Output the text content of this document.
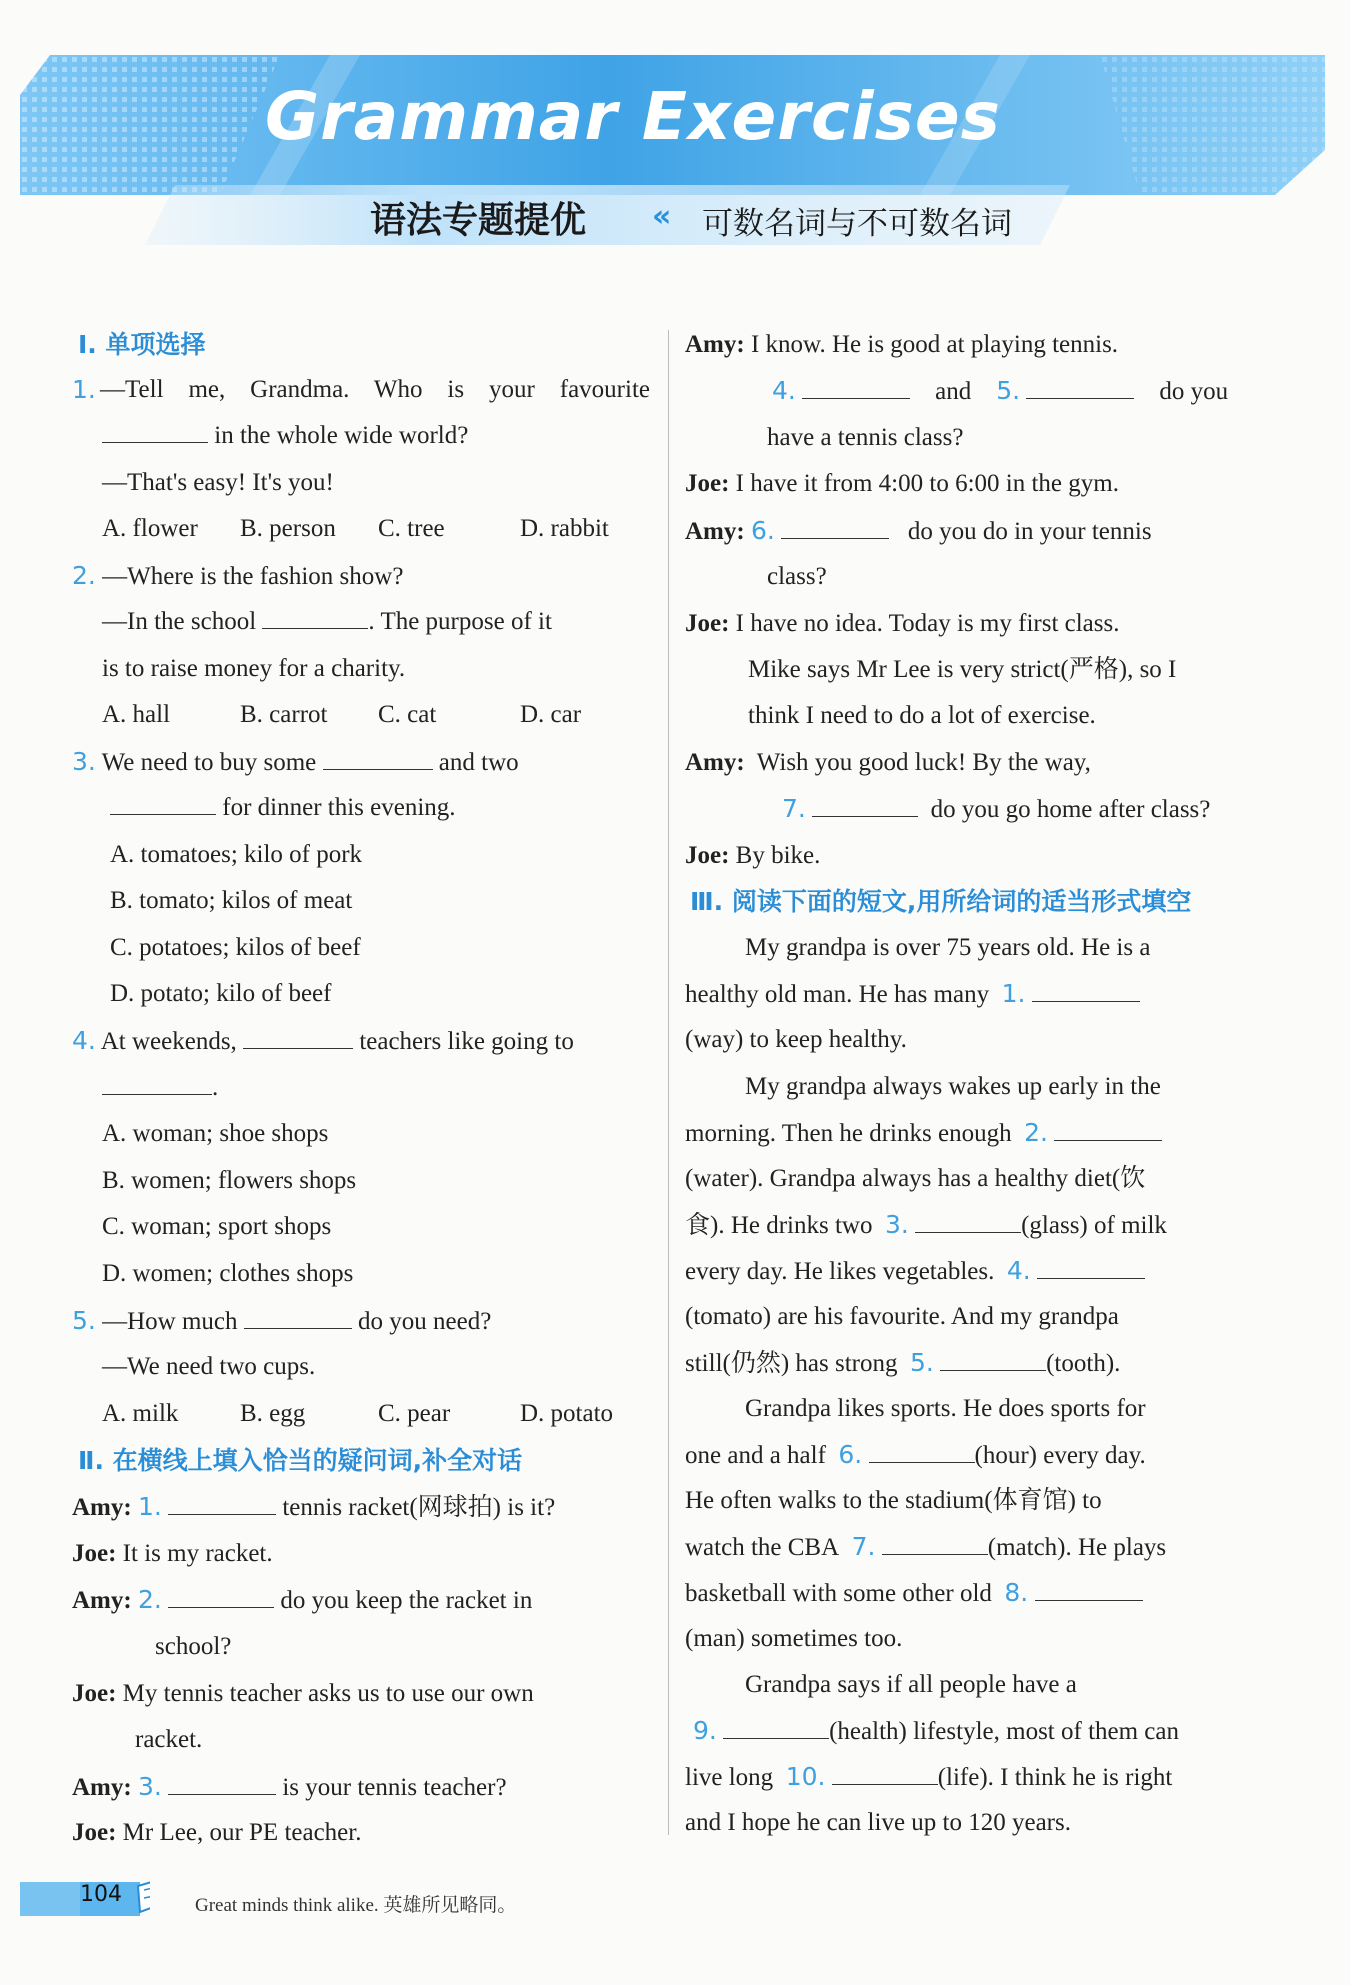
Grammar Exercises
语法专题提优 « 可数名词与不可数名词
Ⅰ. 单项选择
1. —Tell me, Grandma. Who is your favourite
in the whole wide world?
—That's easy! It's you!
A. flower B. person C. tree	D. rabbit
2. —Where is the fashion show?
—In the school	. The purpose of it
is to raise money for a charity.
A. hall	B. carrot C. cat	D. car
3. We need to buy some	and two
for dinner this evening.
A. tomatoes; kilo of pork
B. tomato; kilos of meat
C. potatoes; kilos of beef
D. potato; kilo of beef
4. At weekends,	teachers like going to
.
A. woman; shoe shops
B. women; flowers shops
C. woman; sport shops
D. women; clothes shops
5. —How much	do you need?
—We need two cups.
A. milk B. egg	C. pear	D. potato
Ⅱ. 在横线上填入恰当的疑问词,补全对话
Amy: 1.	tennis racket(网球拍) is it?
Joe: It is my racket.
Amy: 2.	do you keep the racket in
school?
Joe: My tennis teacher asks us to use our own
racket.
Amy: 3.	is your tennis teacher?
Joe: Mr Lee, our PE teacher.
Amy: I know. He is good at playing tennis.
4.	and 5.	do you
have a tennis class?
Joe: I have it from 4:00 to 6:00 in the gym.
Amy: 6.	do you do in your tennis
class?
Joe: I have no idea. Today is my first class.
Mike says Mr Lee is very strict(严格), so I
think I need to do a lot of exercise.
Amy: Wish you good luck! By the way,
7.	do you go home after class?
Joe: By bike.
Ⅲ. 阅读下面的短文,用所给词的适当形式填空
My grandpa is over 75 years old. He is a
healthy old man. He has many 1.
(way) to keep healthy.
My grandpa always wakes up early in the
morning. Then he drinks enough 2.
(water). Grandpa always has a healthy diet(饮
食). He drinks two 3.	(glass) of milk
every day. He likes vegetables. 4.
(tomato) are his favourite. And my grandpa
still(仍然) has strong 5.	(tooth).
Grandpa likes sports. He does sports for
one and a half 6.	(hour) every day.
He often walks to the stadium(体育馆) to
watch the CBA 7.	(match). He plays
basketball with some other old 8.
(man) sometimes too.
Grandpa says if all people have a
9.	(health) lifestyle, most of them can
live long 10.	(life). I think he is right
and I hope he can live up to 120 years.
104	Great minds think alike. 英雄所见略同。
